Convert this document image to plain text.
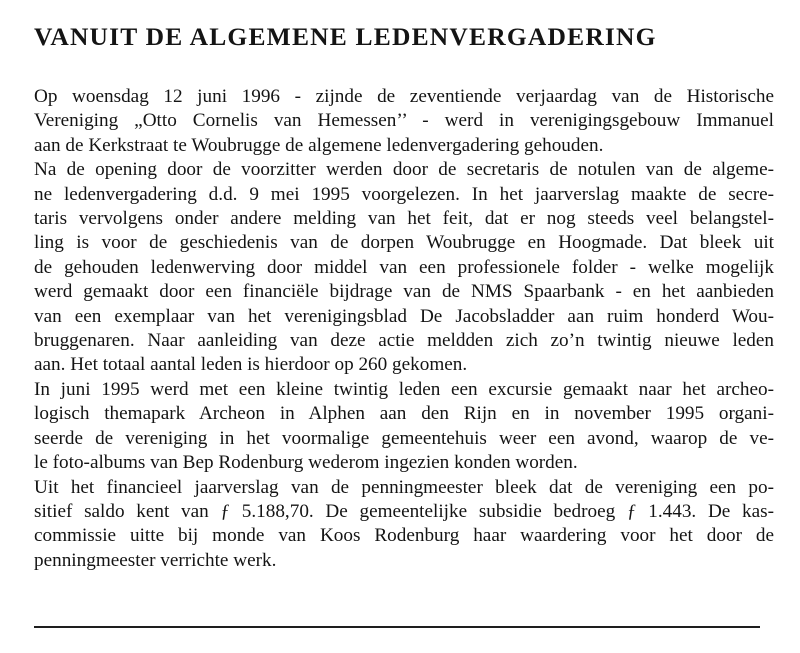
VANUIT DE ALGEMENE LEDENVERGADERING
Op woensdag 12 juni 1996 - zijnde de zeventiende verjaardag van de Historische
Vereniging „Otto Cornelis van Hemessen’’ - werd in verenigingsgebouw Immanuel
aan de Kerkstraat te Woubrugge de algemene ledenvergadering gehouden.
Na de opening door de voorzitter werden door de secretaris de notulen van de algeme-
ne ledenvergadering d.d. 9 mei 1995 voorgelezen. In het jaarverslag maakte de secre-
taris vervolgens onder andere melding van het feit, dat er nog steeds veel belangstel-
ling is voor de geschiedenis van de dorpen Woubrugge en Hoogmade. Dat bleek uit
de gehouden ledenwerving door middel van een professionele folder - welke mogelijk
werd gemaakt door een financiële bijdrage van de NMS Spaarbank - en het aanbieden
van een exemplaar van het verenigingsblad De Jacobsladder aan ruim honderd Wou-
bruggenaren. Naar aanleiding van deze actie meldden zich zo’n twintig nieuwe leden
aan. Het totaal aantal leden is hierdoor op 260 gekomen.
In juni 1995 werd met een kleine twintig leden een excursie gemaakt naar het archeo-
logisch themapark Archeon in Alphen aan den Rijn en in november 1995 organi-
seerde de vereniging in het voormalige gemeentehuis weer een avond, waarop de ve-
le foto-albums van Bep Rodenburg wederom ingezien konden worden.
Uit het financieel jaarverslag van de penningmeester bleek dat de vereniging een po-
sitief saldo kent van ƒ 5.188,70. De gemeentelijke subsidie bedroeg ƒ 1.443. De kas-
commissie uitte bij monde van Koos Rodenburg haar waardering voor het door de
penningmeester verrichte werk.
